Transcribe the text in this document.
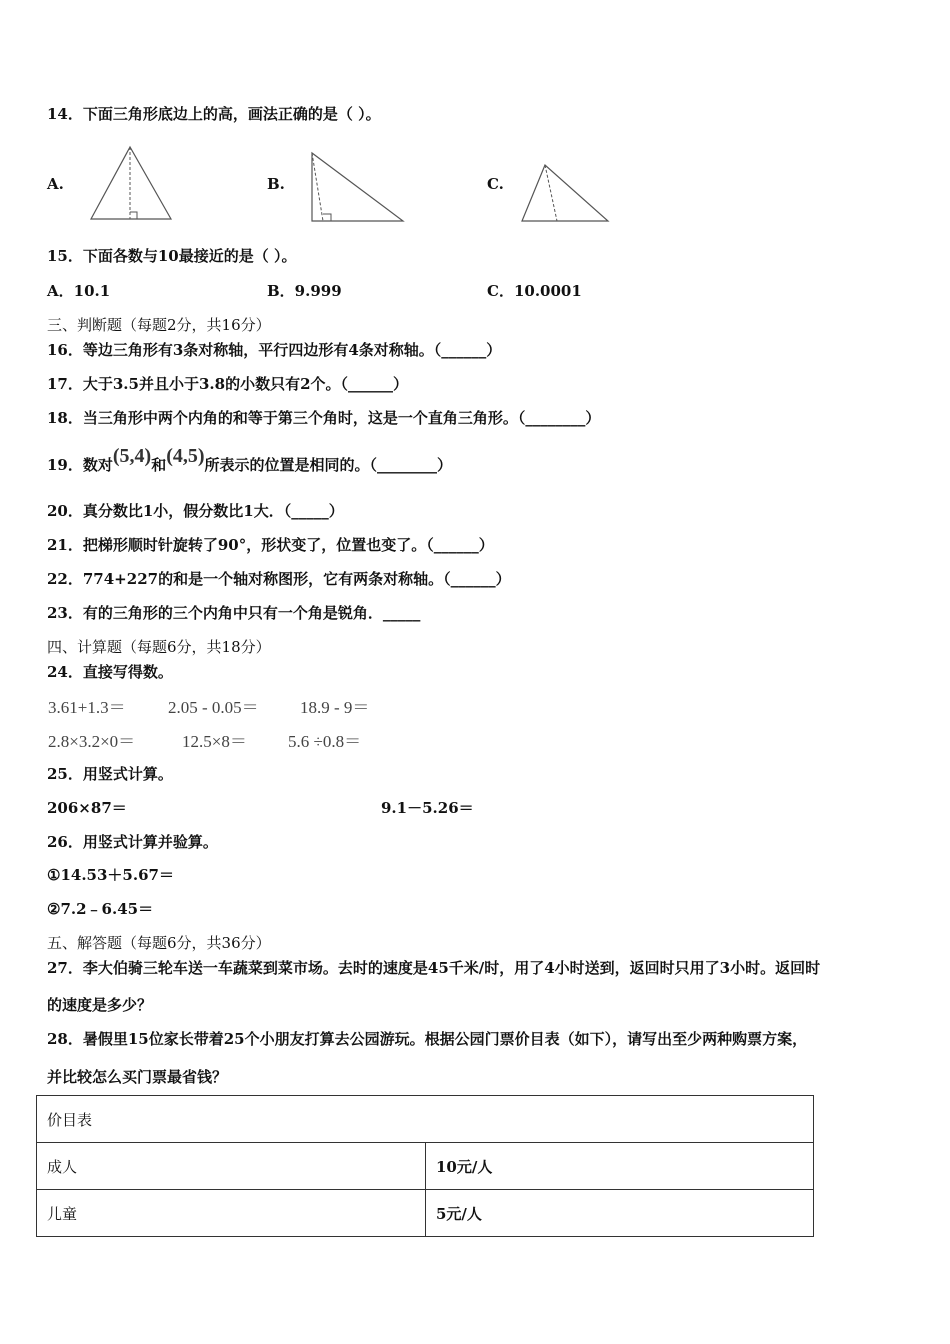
14．下面三角形底边上的高，画法正确的是（ ）。
A.	B.	C.
15．下面各数与10最接近的是（ ）。
A．10.1	B．9.999	C．10.0001
三、判断题（每题2分，共16分）
16．等边三角形有3条对称轴，平行四边形有4条对称轴。（______）
17．大于3.5并且小于3.8的小数只有2个。（______）
18．当三角形中两个内角的和等于第三个角时，这是一个直角三角形。（________）
19．数对(5,4)和(4,5)所表示的位置是相同的。（________）
20．真分数比1小，假分数比1大．（_____）
21．把梯形顺时针旋转了90°，形状变了，位置也变了。（______）
22．774+227的和是一个轴对称图形，它有两条对称轴。（______）
23．有的三角形的三个内角中只有一个角是锐角．_____
四、计算题（每题6分，共18分）
24．直接写得数。
3.61+1.3＝ 2.05 - 0.05＝ 18.9 - 9＝
2.8×3.2×0＝	12.5×8＝ 5.6 ÷0.8＝
25．用竖式计算。
206×87＝	9.1－5.26＝
26．用竖式计算并验算。
①14.53＋5.67＝
②7.2﹣6.45＝
五、解答题（每题6分，共36分）
27．李大伯骑三轮车送一车蔬菜到菜市场。去时的速度是45千米/时，用了4小时送到，返回时只用了3小时。返回时
的速度是多少？
28．暑假里15位家长带着25个小朋友打算去公园游玩。根据公园门票价目表（如下），请写出至少两种购票方案，
并比较怎么买门票最省钱？
价目表	
成人	10元/人
儿童	5元/人
